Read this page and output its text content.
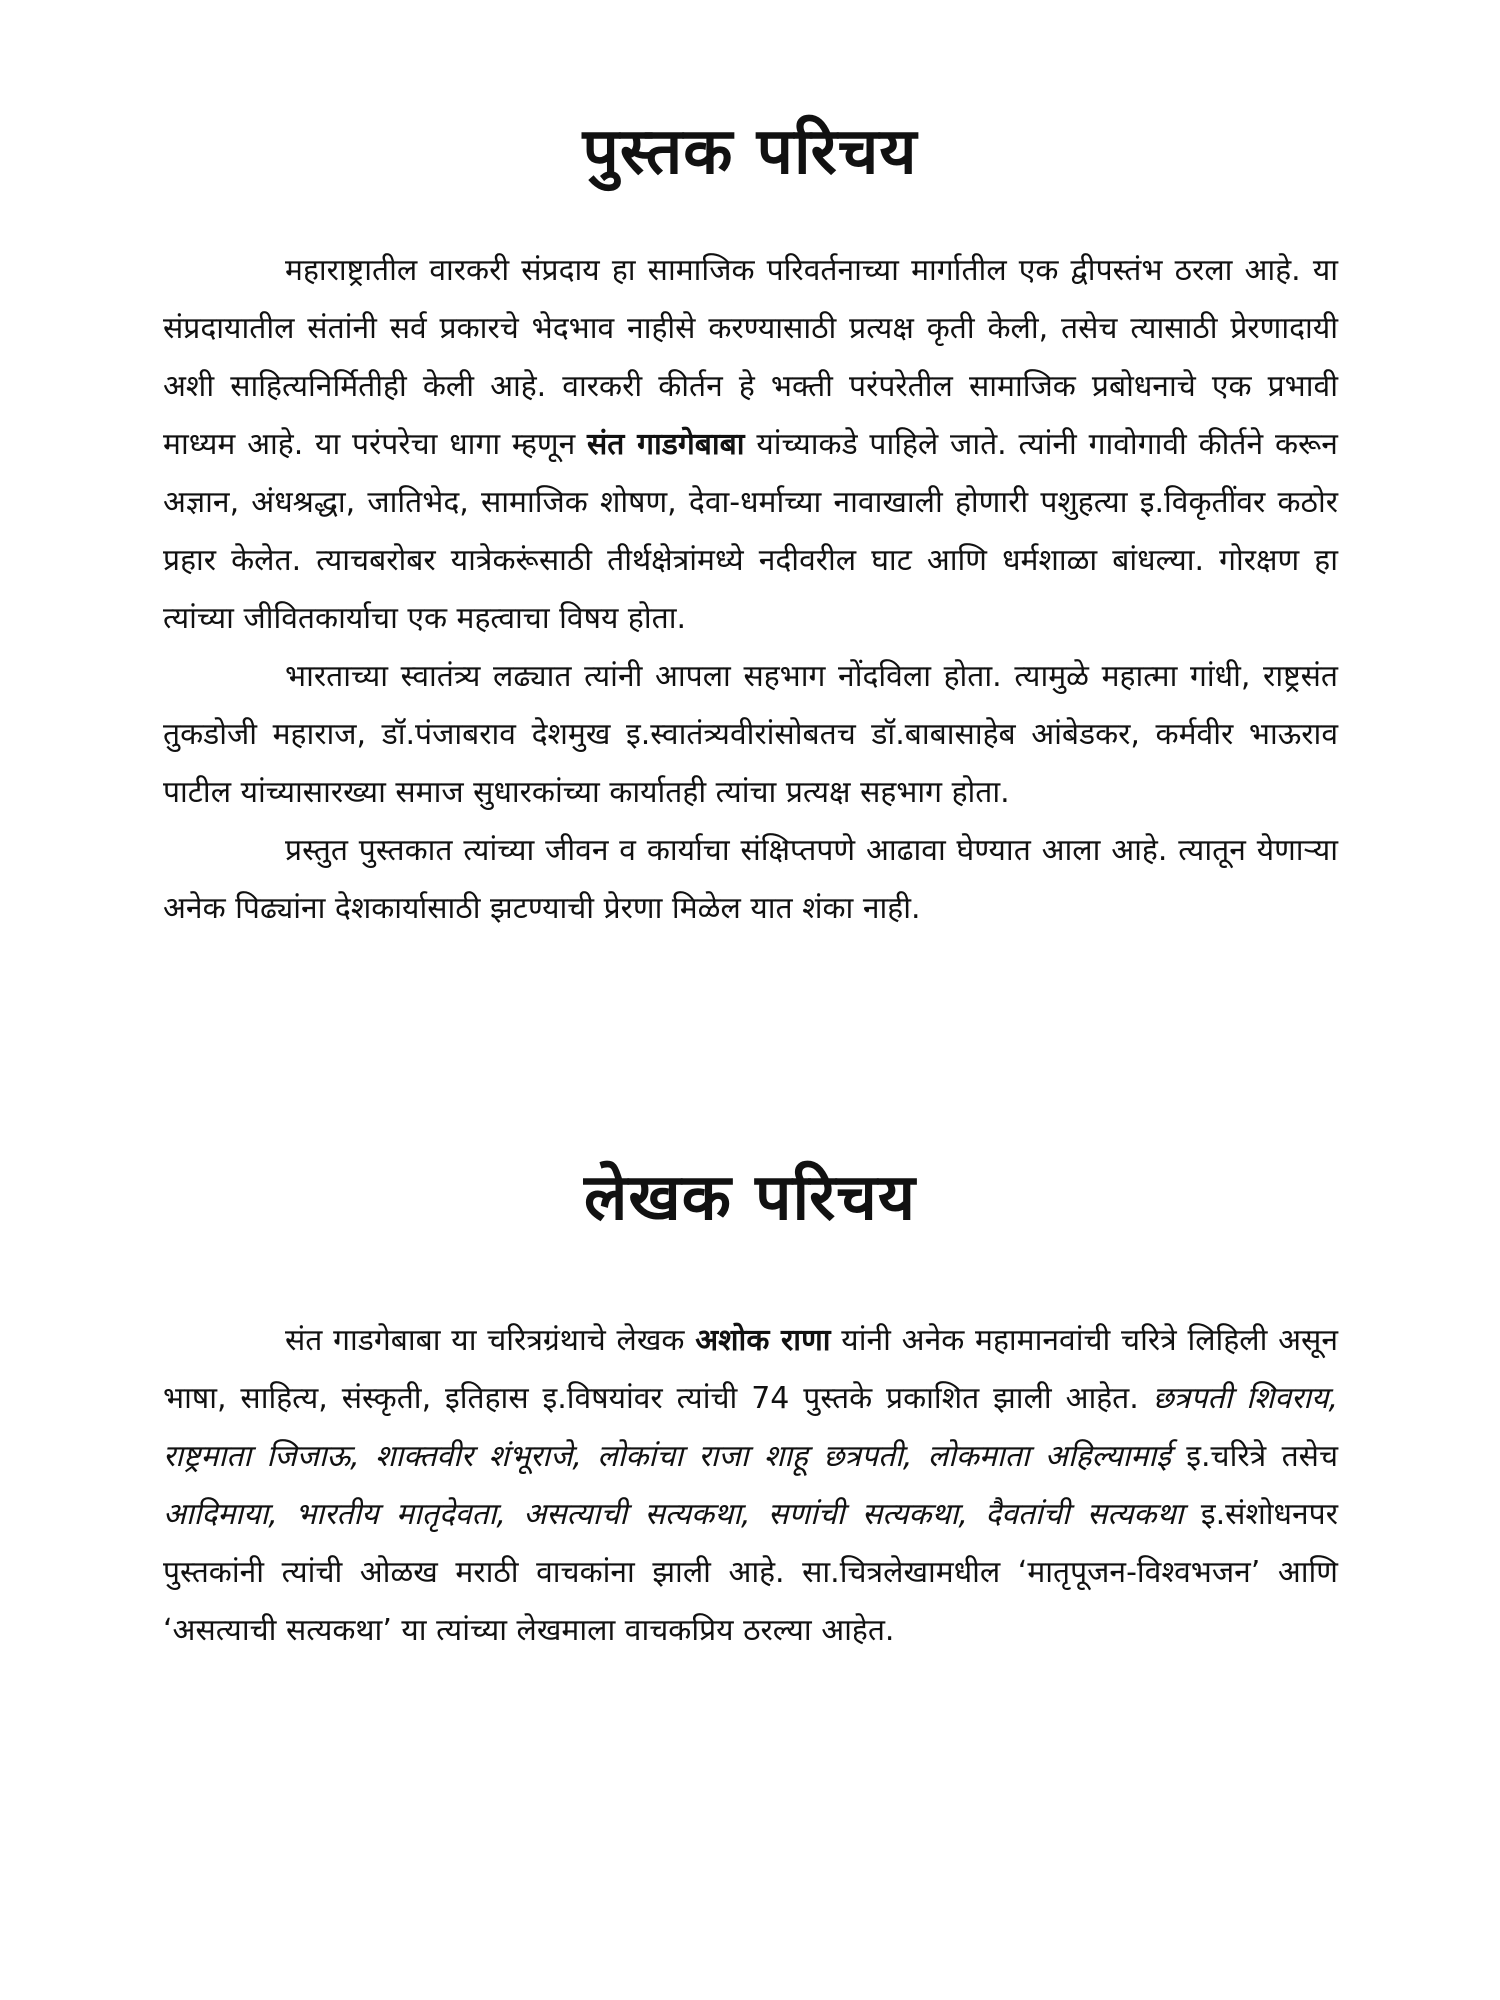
पुस्तक परिचय

महाराष्ट्रातील वारकरी संप्रदाय हा सामाजिक परिवर्तनाच्या मार्गातील एक द्वीपस्तंभ ठरला आहे. या संप्रदायातील संतांनी सर्व प्रकारचे भेदभाव नाहीसे करण्यासाठी प्रत्यक्ष कृती केली, तसेच त्यासाठी प्रेरणादायी अशी साहित्यनिर्मितीही केली आहे. वारकरी कीर्तन हे भक्ती परंपरेतील सामाजिक प्रबोधनाचे एक प्रभावी माध्यम आहे. या परंपरेचा धागा म्हणून संत गाडगेबाबा यांच्याकडे पाहिले जाते. त्यांनी गावोगावी कीर्तने करून अज्ञान, अंधश्रद्धा, जातिभेद, सामाजिक शोषण, देवा-धर्माच्या नावाखाली होणारी पशुहत्या इ.विकृतींवर कठोर प्रहार केलेत. त्याचबरोबर यात्रेकरूंसाठी तीर्थक्षेत्रांमध्ये नदीवरील घाट आणि धर्मशाळा बांधल्या. गोरक्षण हा त्यांच्या जीवितकार्याचा एक महत्वाचा विषय होता.

भारताच्या स्वातंत्र्य लढ्यात त्यांनी आपला सहभाग नोंदविला होता. त्यामुळे महात्मा गांधी, राष्ट्रसंत तुकडोजी महाराज, डॉ.पंजाबराव देशमुख इ.स्वातंत्र्यवीरांसोबतच डॉ.बाबासाहेब आंबेडकर, कर्मवीर भाऊराव पाटील यांच्यासारख्या समाज सुधारकांच्या कार्यातही त्यांचा प्रत्यक्ष सहभाग होता.

प्रस्तुत पुस्तकात त्यांच्या जीवन व कार्याचा संक्षिप्तपणे आढावा घेण्यात आला आहे. त्यातून येणाऱ्या अनेक पिढ्यांना देशकार्यासाठी झटण्याची प्रेरणा मिळेल यात शंका नाही.

लेखक परिचय

संत गाडगेबाबा या चरित्रग्रंथाचे लेखक अशोक राणा यांनी अनेक महामानवांची चरित्रे लिहिली असून भाषा, साहित्य, संस्कृती, इतिहास इ.विषयांवर त्यांची 74 पुस्तके प्रकाशित झाली आहेत. छत्रपती शिवराय, राष्ट्रमाता जिजाऊ, शाक्तवीर शंभूराजे, लोकांचा राजा शाहू छत्रपती, लोकमाता अहिल्यामाई इ.चरित्रे तसेच आदिमाया, भारतीय मातृदेवता, असत्याची सत्यकथा, सणांची सत्यकथा, दैवतांची सत्यकथा इ.संशोधनपर पुस्तकांनी त्यांची ओळख मराठी वाचकांना झाली आहे. सा.चित्रलेखामधील ‘मातृपूजन-विश्वभजन’ आणि ‘असत्याची सत्यकथा’ या त्यांच्या लेखमाला वाचकप्रिय ठरल्या आहेत.
